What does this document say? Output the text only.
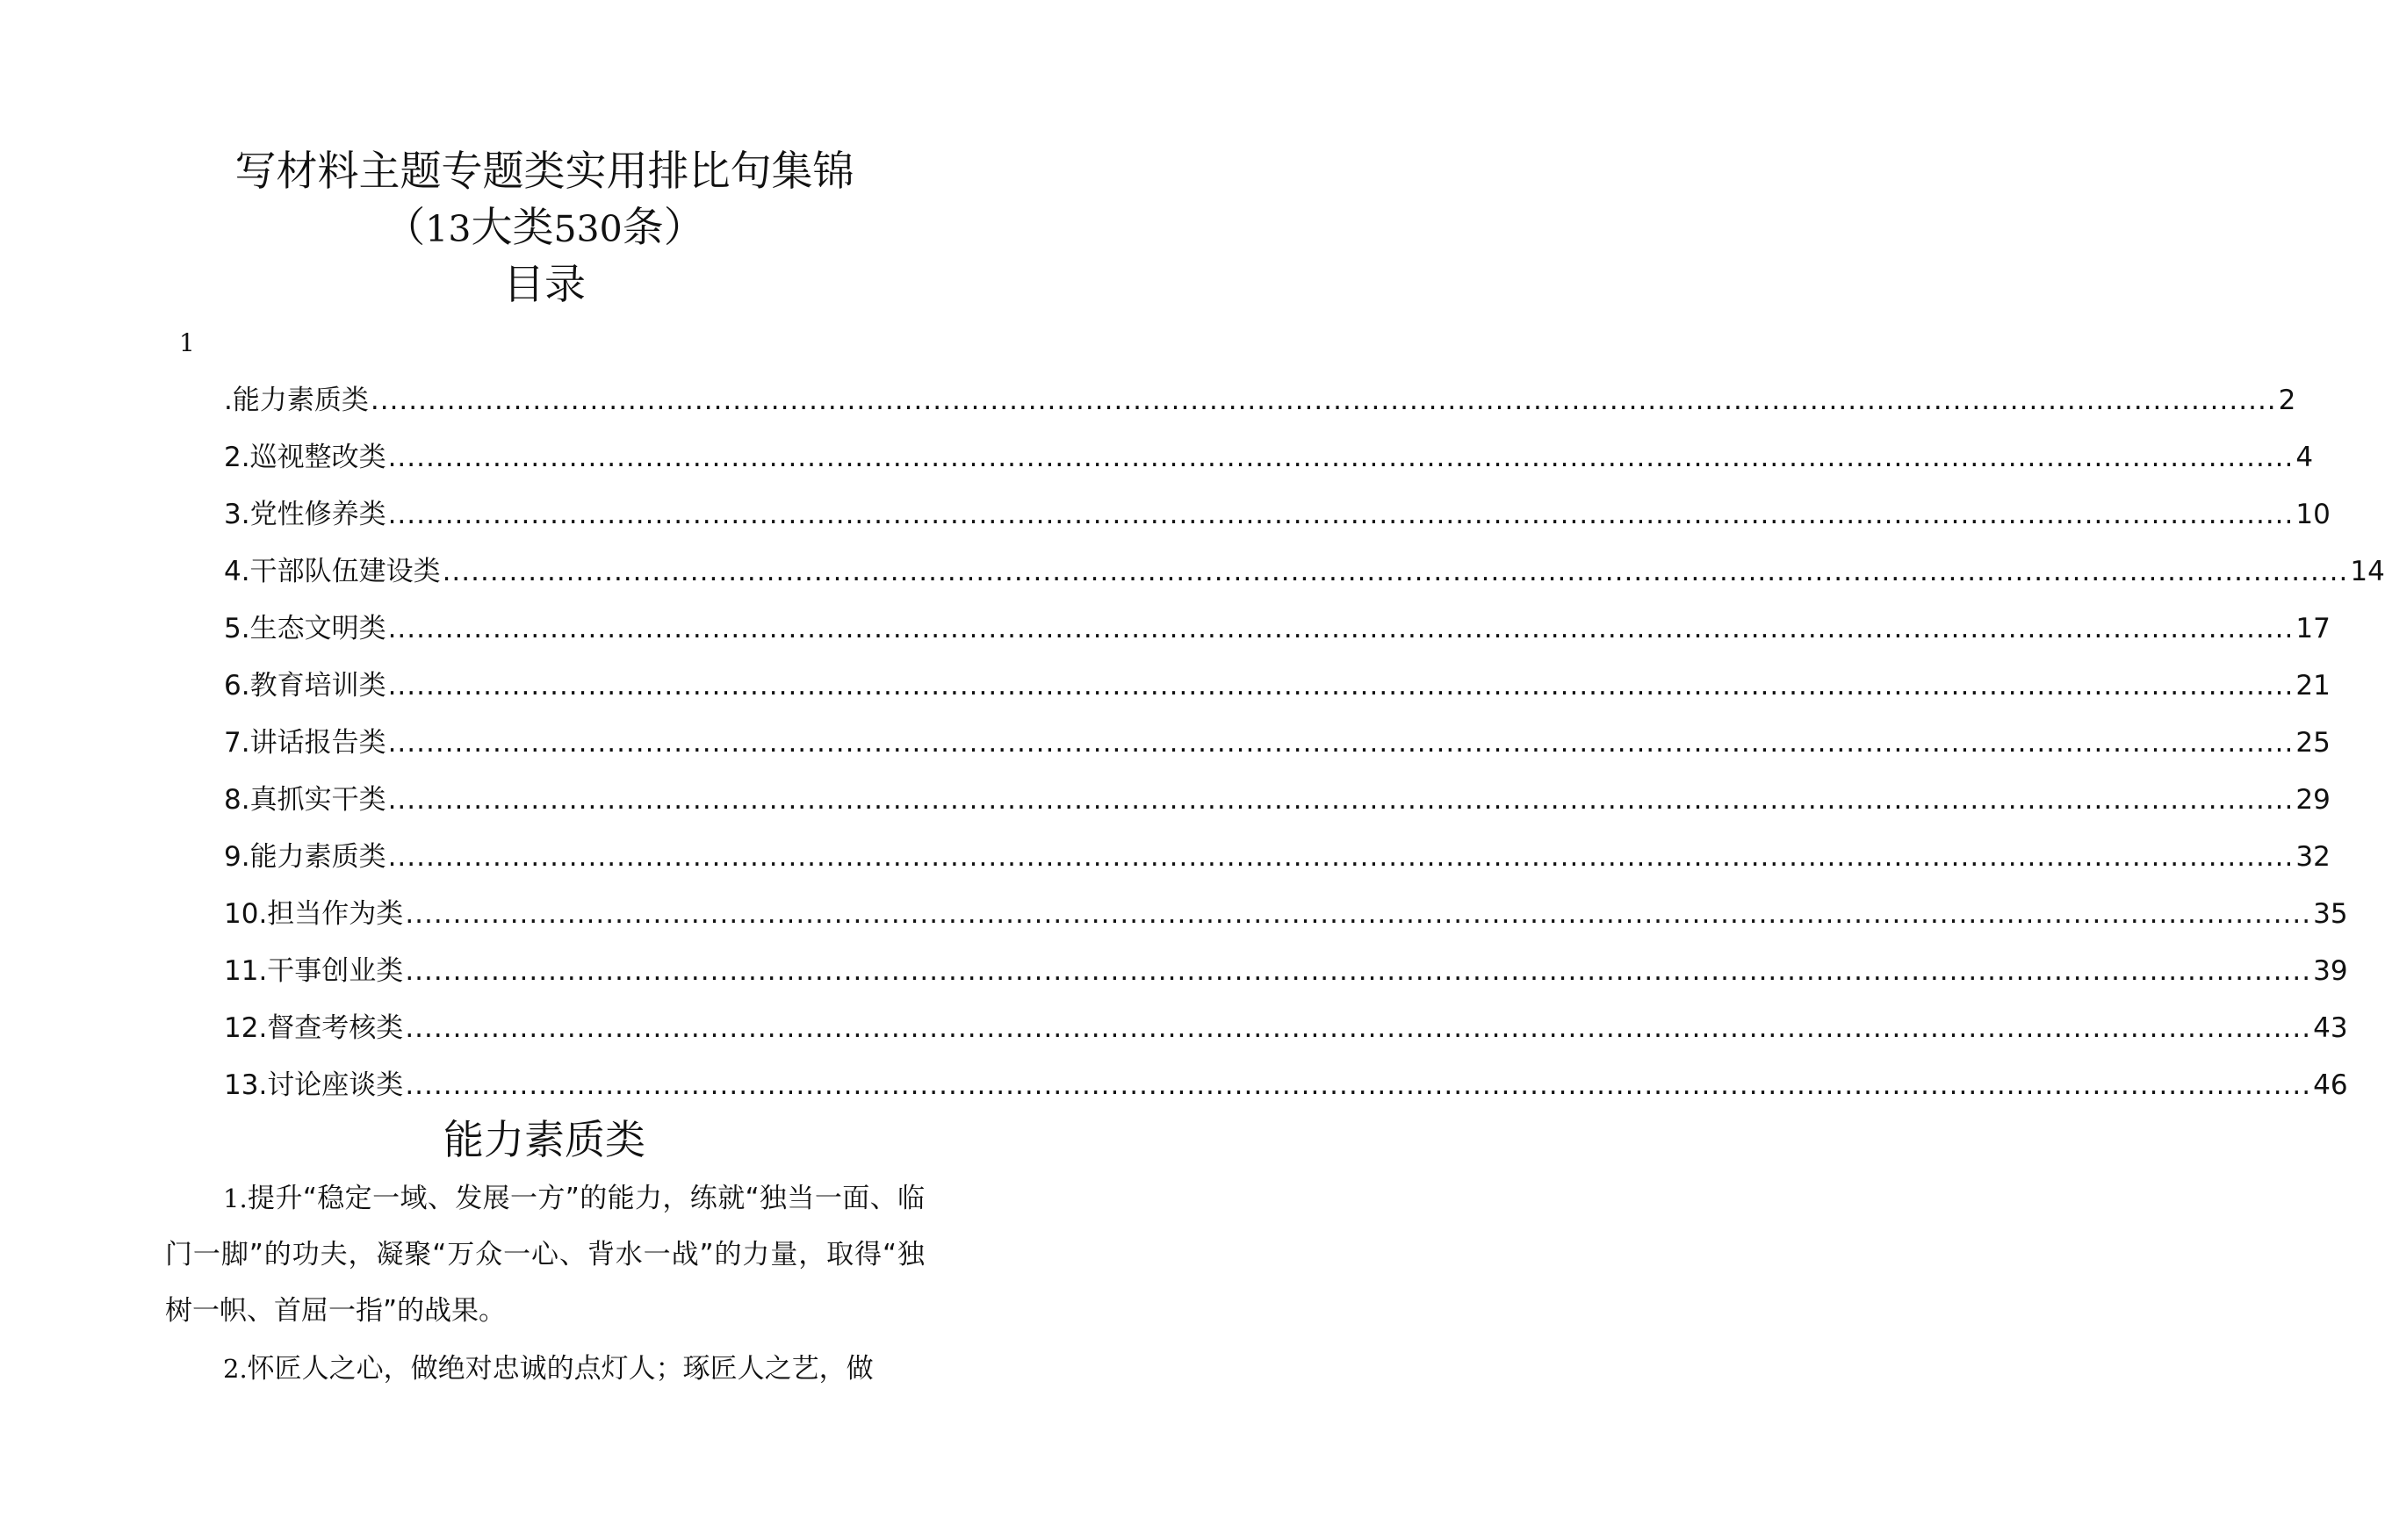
写材料主题专题类实用排比句集锦
（13大类530条）
目录
1
.能力素质类 ........................................................................................................................................................................................................ 2
2.巡视整改类 ........................................................................................................................................................................................................ 4
3.党性修养类 ........................................................................................................................................................................................................ 10
4.干部队伍建设类 ........................................................................................................................................................................................................ 14
5.生态文明类 ........................................................................................................................................................................................................ 17
6.教育培训类 ........................................................................................................................................................................................................ 21
7.讲话报告类 ........................................................................................................................................................................................................ 25
8.真抓实干类 ........................................................................................................................................................................................................ 29
9.能力素质类 ........................................................................................................................................................................................................ 32
10.担当作为类 ........................................................................................................................................................................................................ 35
11.干事创业类 ........................................................................................................................................................................................................ 39
12.督查考核类 ........................................................................................................................................................................................................ 43
13.讨论座谈类 ........................................................................................................................................................................................................ 46
能力素质类

1.提升“稳定一域、发展一方”的能力，练就“独当一面、临门一脚”的功夫，凝聚“万众一心、背水一战”的力量，取得“独树一帜、首屈一指”的战果。

2.怀匠人之心，做绝对忠诚的点灯人；琢匠人之艺，做
